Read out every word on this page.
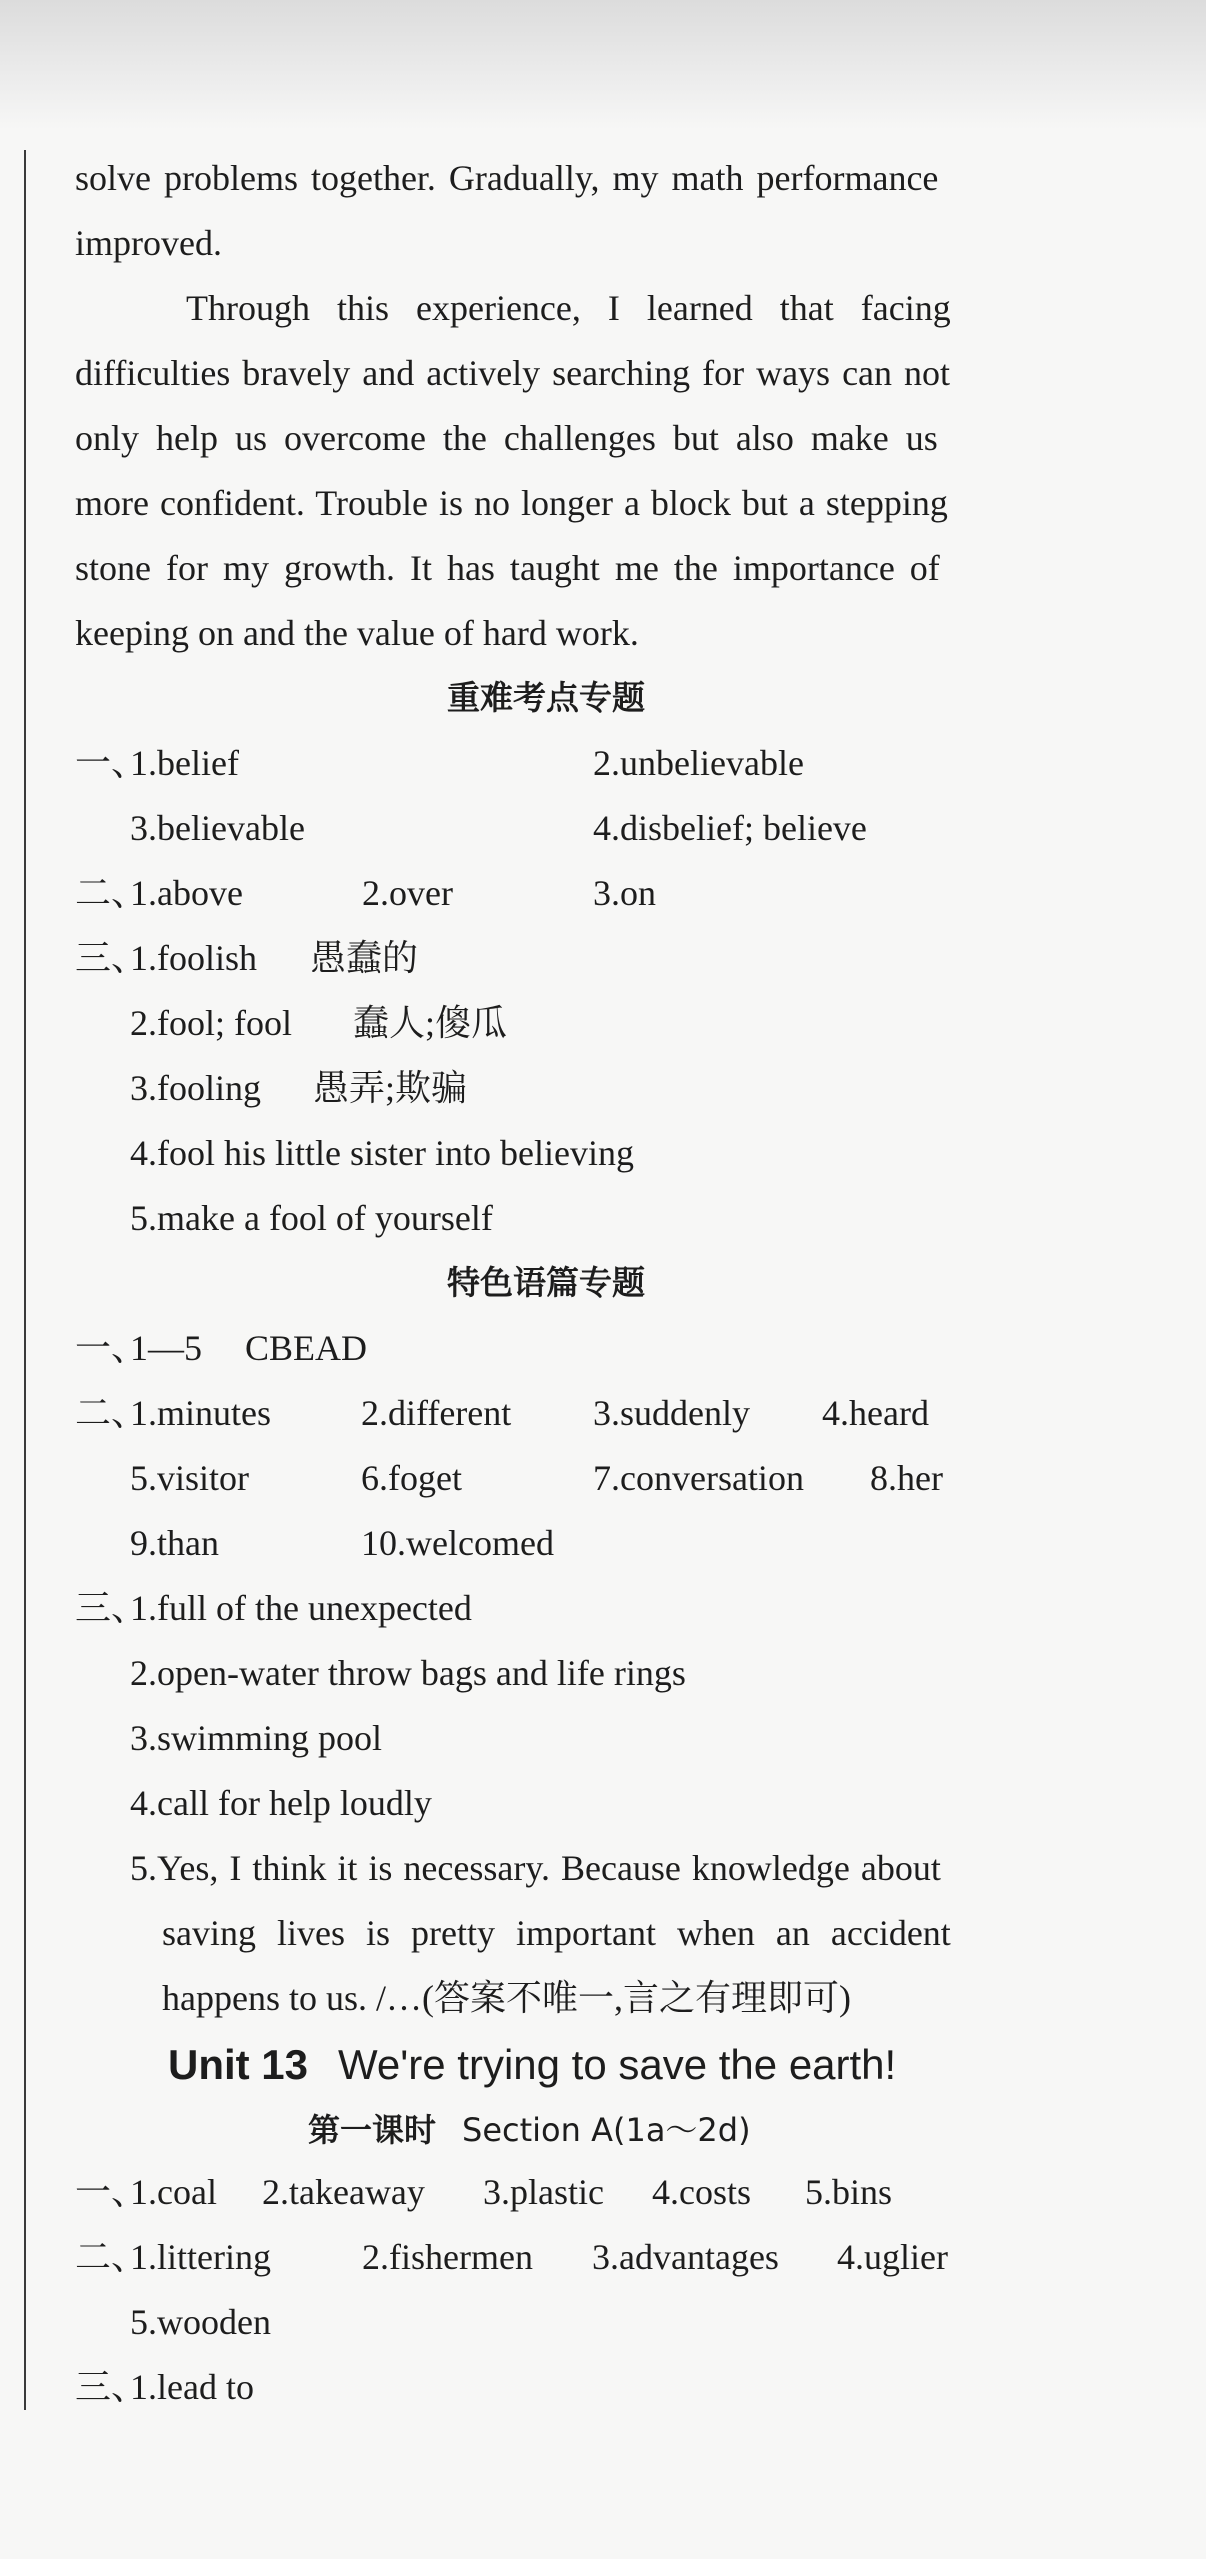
solve problems together. Gradually, my math performance
improved.
Through this experience, I learned that facing
difficulties bravely and actively searching for ways can not
only help us overcome the challenges but also make us
more confident. Trouble is no longer a block but a stepping
stone for my growth. It has taught me the importance of
keeping on and the value of hard work.
重难考点专题
一、
1.belief	2.unbelievable
3.believable	4.disbelief; believe
二、
1.above	2.over	3.on
三、
1.foolish 愚蠢的
2.fool; fool 蠢人;傻瓜
3.fooling 愚弄;欺骗
4.fool his little sister into believing
5.make a fool of yourself
特色语篇专题
一、
1—5 CBEAD
二、
1.minutes	2.different 3.suddenly 4.heard
5.visitor	6.foget	7.conversation 8.her
9.than	10.welcomed
三、
1.full of the unexpected
2.open-water throw bags and life rings
3.swimming pool
4.call for help loudly
5.Yes, I think it is necessary. Because knowledge about
saving lives is pretty important when an accident
happens to us. /…(答案不唯一,言之有理即可)
Unit 13 We're trying to save the earth!
第一课时 Section A(1a～2d)
一、
1.coal 2.takeaway 3.plastic 4.costs 5.bins
二、
1.littering	2.fishermen 3.advantages 4.uglier
5.wooden
三、
1.lead to
